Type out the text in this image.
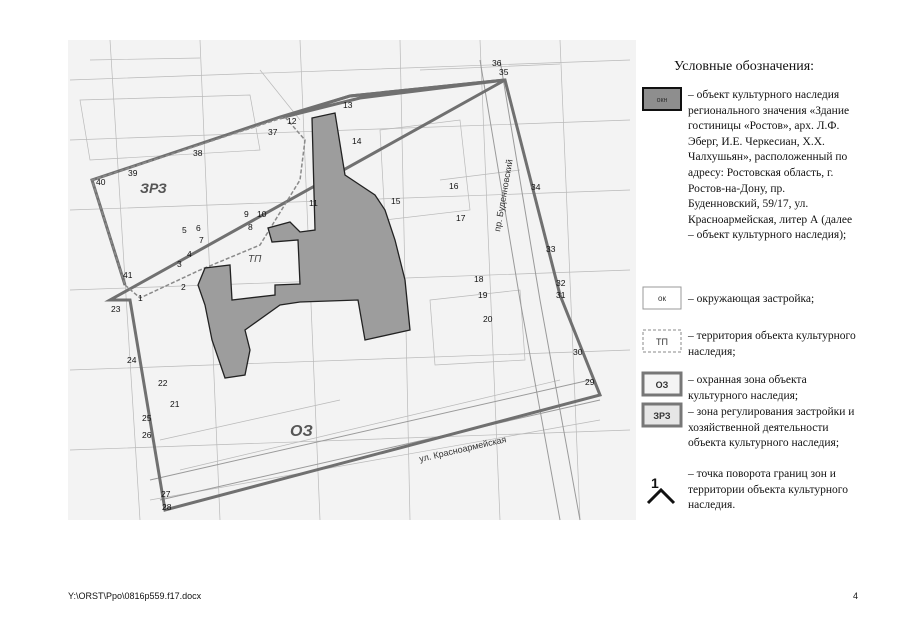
ЗРЗ
ОЗ
ТП
пр. Буденновский
ул. Красноармейская
1
2
3
4
5 6
7
8
9 10
11
12
13
14
15
16
17
18
19
20
21
22
23
24
25
26
27
28
29
30
31
32
33
34
35
36
37
38
39
40
41
окн
ок
ТП
ОЗ
ЗРЗ
1
Условные обозначения:
– объект культурного наследия регионального значения «Здание гостиницы «Ростов», арх. Л.Ф. Эберг, И.Е. Черкесиан, Х.Х. Чалхушьян», расположенный по адресу: Ростовская область, г. Ростов-на-Дону, пр. Буденновский, 59/17, ул. Красноармейская, литер А (далее – объект культурного наследия);
– окружающая застройка;
– территория объекта культурного наследия;
– охранная зона объекта культурного наследия;
– зона регулирования застройки и хозяйственной деятельности объекта культурного наследия;
– точка поворота границ зон и территории объекта культурного наследия.
Y:\ORST\Ppo\0816p559.f17.docx	4
